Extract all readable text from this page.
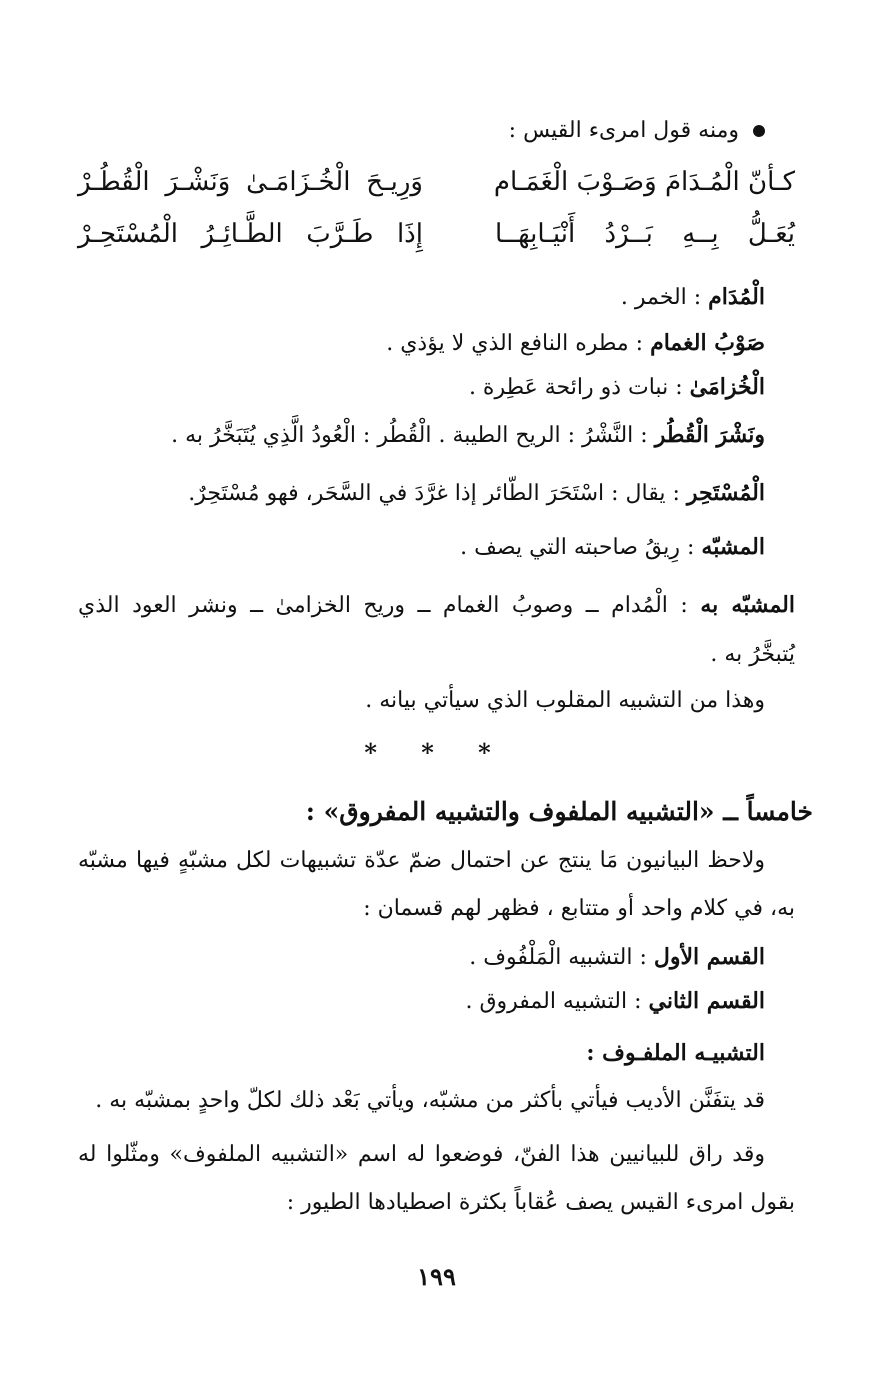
ومنه قول امرىء القيس :
كـأنّ الْمُـدَامَ وَصَـوْبَ الْغَمَـام
وَرِيـحَ الْخُـزَامَـىٰ وَنَشْـرَ الْقُطُـرْ
يُعَـلُّ بِــهِ بَــرْدُ أَنْيَـابِهَــا
إِذَا طَـرَّبَ الطَّـائِـرُ الْمُسْتَحِـرْ
الْمُدَام : الخمر .
صَوْبُ الغمام : مطره النافع الذي لا يؤذي .
الْخُزامَىٰ : نبات ذو رائحة عَطِرة .
ونَشْرَ الْقُطُر : النَّشْرُ : الريح الطيبة . الْقُطُر : الْعُودُ الَّذِي يُتَبَخَّرُ به .
الْمُسْتَحِر : يقال : اسْتَحَرَ الطّائر إذا غرَّدَ في السَّحَر، فهو مُسْتَحِرٌ.
المشبّه : رِيقُ صاحبته التي يصف .
المشبّه به : الْمُدام ــ وصوبُ الغمام ــ وريح الخزامىٰ ــ ونشر العود الذي
يُتبخَّرُ به .
وهذا من التشبيه المقلوب الذي سيأتي بيانه .
* * *
خامساً ــ «التشبيه الملفوف والتشبيه المفروق» :
ولاحظ البيانيون مَا ينتج عن احتمال ضمّ عدّة تشبيهات لكل مشبّهٍ فيها مشبّه
به، في كلام واحد أو متتابع ، فظهر لهم قسمان :
القسم الأول : التشبيه الْمَلْفُوف .
القسم الثاني : التشبيه المفروق .
التشبيـه الملفـوف :
قد يتفَنَّن الأديب فيأتي بأكثر من مشبّه، ويأتي بَعْد ذلك لكلّ واحدٍ بمشبّه به .
وقد راق للبيانيين هذا الفنّ، فوضعوا له اسم «التشبيه الملفوف» ومثّلوا له
بقول امرىء القيس يصف عُقاباً بكثرة اصطيادها الطيور :
١٩٩
